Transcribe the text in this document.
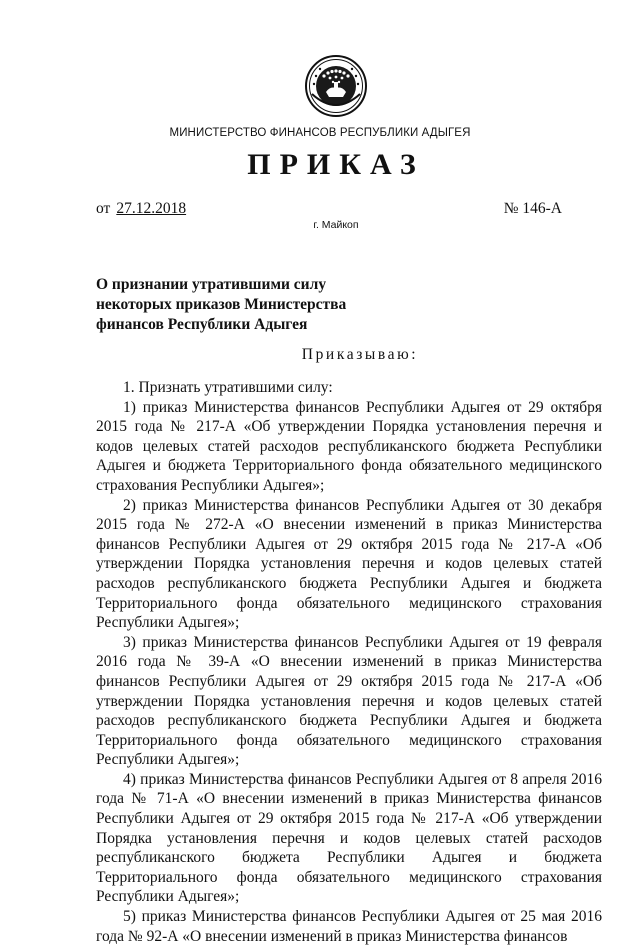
МИНИСТЕРСТВО ФИНАНСОВ РЕСПУБЛИКИ АДЫГЕЯ
ПРИКАЗ
от 27.12.2018	№ 146-А
г. Майкоп
О признании утратившими силу некоторых приказов Министерства финансов Республики Адыгея
Приказываю:

1. Признать утратившими силу:

1) приказ Министерства финансов Республики Адыгея от 29 октября 2015 года № 217-А «Об утверждении Порядка установления перечня и кодов целевых статей расходов республиканского бюджета Республики Адыгея и бюджета Территориального фонда обязательного медицинского страхования Республики Адыгея»;

2) приказ Министерства финансов Республики Адыгея от 30 декабря 2015 года № 272-А «О внесении изменений в приказ Министерства финансов Республики Адыгея от 29 октября 2015 года № 217-А «Об утверждении Порядка установления перечня и кодов целевых статей расходов республиканского бюджета Республики Адыгея и бюджета Территориального фонда обязательного медицинского страхования Республики Адыгея»;

3) приказ Министерства финансов Республики Адыгея от 19 февраля 2016 года № 39-А «О внесении изменений в приказ Министерства финансов Республики Адыгея от 29 октября 2015 года № 217-А «Об утверждении Порядка установления перечня и кодов целевых статей расходов республиканского бюджета Республики Адыгея и бюджета Территориального фонда обязательного медицинского страхования Республики Адыгея»;

4) приказ Министерства финансов Республики Адыгея от 8 апреля 2016 года № 71-А «О внесении изменений в приказ Министерства финансов Республики Адыгея от 29 октября 2015 года № 217-А «Об утверждении Порядка установления перечня и кодов целевых статей расходов республиканского бюджета Республики Адыгея и бюджета Территориального фонда обязательного медицинского страхования Республики Адыгея»;

5) приказ Министерства финансов Республики Адыгея от 25 мая 2016 года № 92-А «О внесении изменений в приказ Министерства финансов
